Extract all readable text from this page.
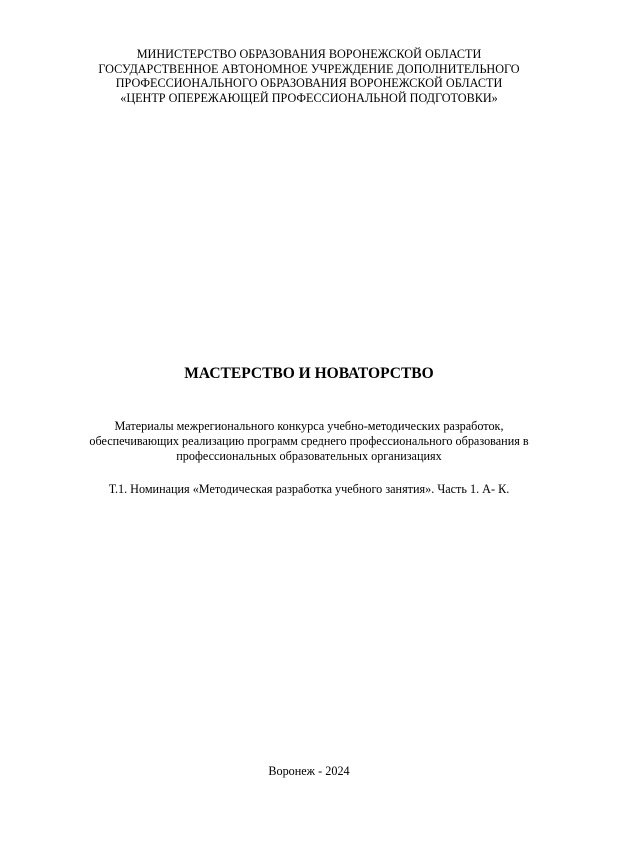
МИНИСТЕРСТВО ОБРАЗОВАНИЯ ВОРОНЕЖСКОЙ ОБЛАСТИ
ГОСУДАРСТВЕННОЕ АВТОНОМНОЕ УЧРЕЖДЕНИЕ ДОПОЛНИТЕЛЬНОГО
ПРОФЕССИОНАЛЬНОГО ОБРАЗОВАНИЯ ВОРОНЕЖСКОЙ ОБЛАСТИ
«ЦЕНТР ОПЕРЕЖАЮЩЕЙ ПРОФЕССИОНАЛЬНОЙ ПОДГОТОВКИ»
МАСТЕРСТВО И НОВАТОРСТВО
Материалы межрегионального конкурса учебно-методических разработок,
обеспечивающих реализацию программ среднего профессионального образования в
профессиональных образовательных организациях
Т.1. Номинация «Методическая разработка учебного занятия». Часть 1. А- К.
Воронеж - 2024
